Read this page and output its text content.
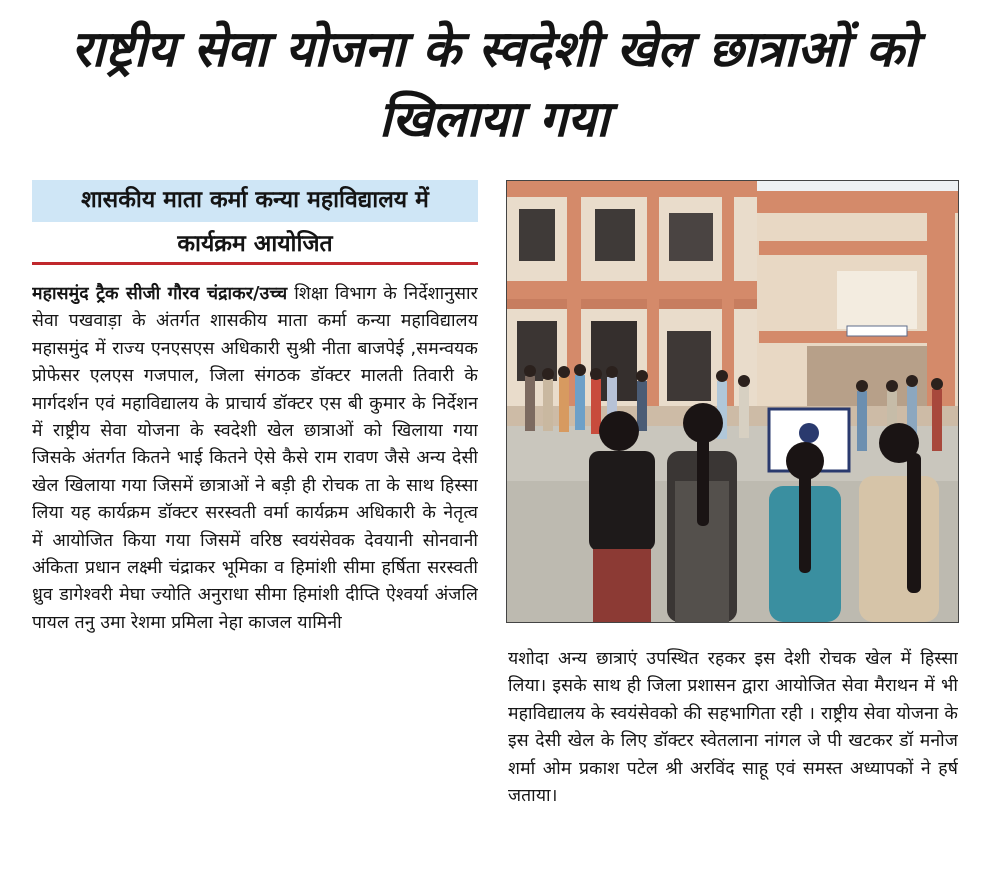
राष्ट्रीय सेवा योजना के स्वदेशी खेल छात्राओं को खिलाया गया
शासकीय माता कर्मा कन्या महाविद्यालय में
कार्यक्रम आयोजित
महासमुंद ट्रैक सीजी गौरव चंद्राकर/उच्च शिक्षा विभाग के निर्देशानुसार सेवा पखवाड़ा के अंतर्गत शासकीय माता कर्मा कन्या महाविद्यालय महासमुंद में राज्य एनएसएस अधिकारी सुश्री नीता बाजपेई ,समन्वयक प्रोफेसर एलएस गजपाल, जिला संगठक डॉक्टर मालती तिवारी के मार्गदर्शन एवं महाविद्यालय के प्राचार्य डॉक्टर एस बी कुमार के निर्देशन में राष्ट्रीय सेवा योजना के स्वदेशी खेल छात्राओं को खिलाया गया जिसके अंतर्गत कितने भाई कितने ऐसे कैसे राम रावण जैसे अन्य देसी खेल खिलाया गया जिसमें छात्राओं ने बड़ी ही रोचक ता के साथ हिस्सा लिया यह कार्यक्रम डॉक्टर सरस्वती वर्मा कार्यक्रम अधिकारी के नेतृत्व में आयोजित किया गया जिसमें वरिष्ठ स्वयंसेवक देवयानी सोनवानी अंकिता प्रधान लक्ष्मी चंद्राकर भूमिका व हिमांशी सीमा हर्षिता सरस्वती ध्रुव डागेश्वरी मेघा ज्योति अनुराधा सीमा हिमांशी दीप्ति ऐश्वर्या अंजलि पायल तनु उमा रेशमा प्रमिला नेहा काजल यामिनी
यशोदा अन्य छात्राएं उपस्थित रहकर इस देशी रोचक खेल में हिस्सा लिया। इसके साथ ही जिला प्रशासन द्वारा आयोजित सेवा मैराथन में भी महाविद्यालय के स्वयंसेवको की सहभागिता रही । राष्ट्रीय सेवा योजना के इस देसी खेल के लिए डॉक्टर स्वेतलाना नांगल जे पी खटकर डॉ मनोज शर्मा ओम प्रकाश पटेल श्री अरविंद साहू एवं समस्त अध्यापकों ने हर्ष जताया।
